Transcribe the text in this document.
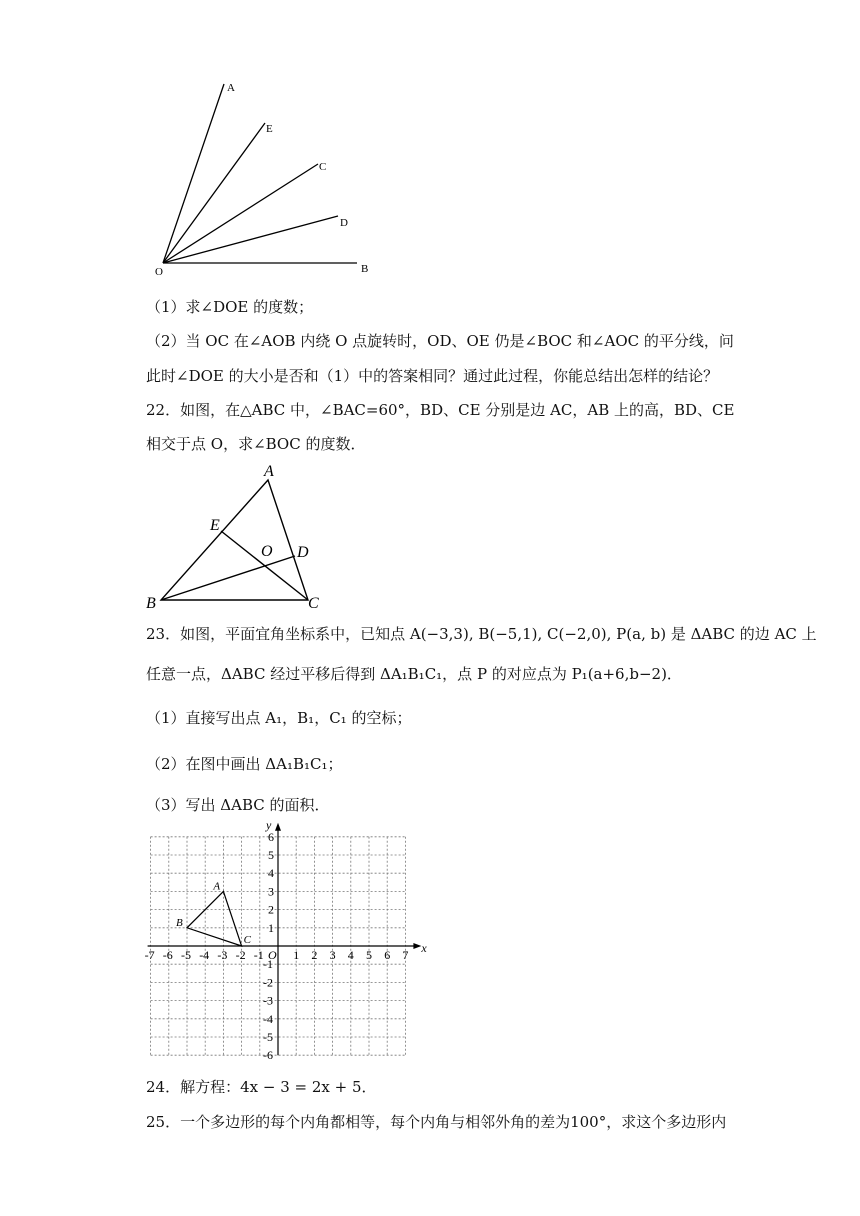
A
E
C
D
O	B
（1）求∠DOE 的度数；
（2）当 OC 在∠AOB 内绕 O 点旋转时，OD、OE 仍是∠BOC 和∠AOC 的平分线，问
此时∠DOE 的大小是否和（1）中的答案相同？通过此过程，你能总结出怎样的结论？
22．如图，在△ABC 中，∠BAC=60°，BD、CE 分别是边 AC，AB 上的高，BD、CE
相交于点 O，求∠BOC 的度数．
A
E
O D
B	C
23．如图，平面宜角坐标系中，已知点 A(−3,3), B(−5,1), C(−2,0), P(a, b) 是 ΔABC 的边 AC 上
任意一点，ΔABC 经过平移后得到 ΔA₁B₁C₁，点 P 的对应点为 P₁(a+6,b−2)．
（1）直接写出点 A₁，B₁，C₁ 的空标；
（2）在图中画出 ΔA₁B₁C₁；
（3）写出 ΔABC 的面积．
-7 -6 -5 -4 -3 -2 -1 O 1 2 3 4 5 6 7
1
2
3
4
5
6
-1
-2
-3
-4
-5
-6
x
y
A
B
C
24．解方程：4x − 3 = 2x + 5．
25．一个多边形的每个内角都相等，每个内角与相邻外角的差为100°，求这个多边形内
